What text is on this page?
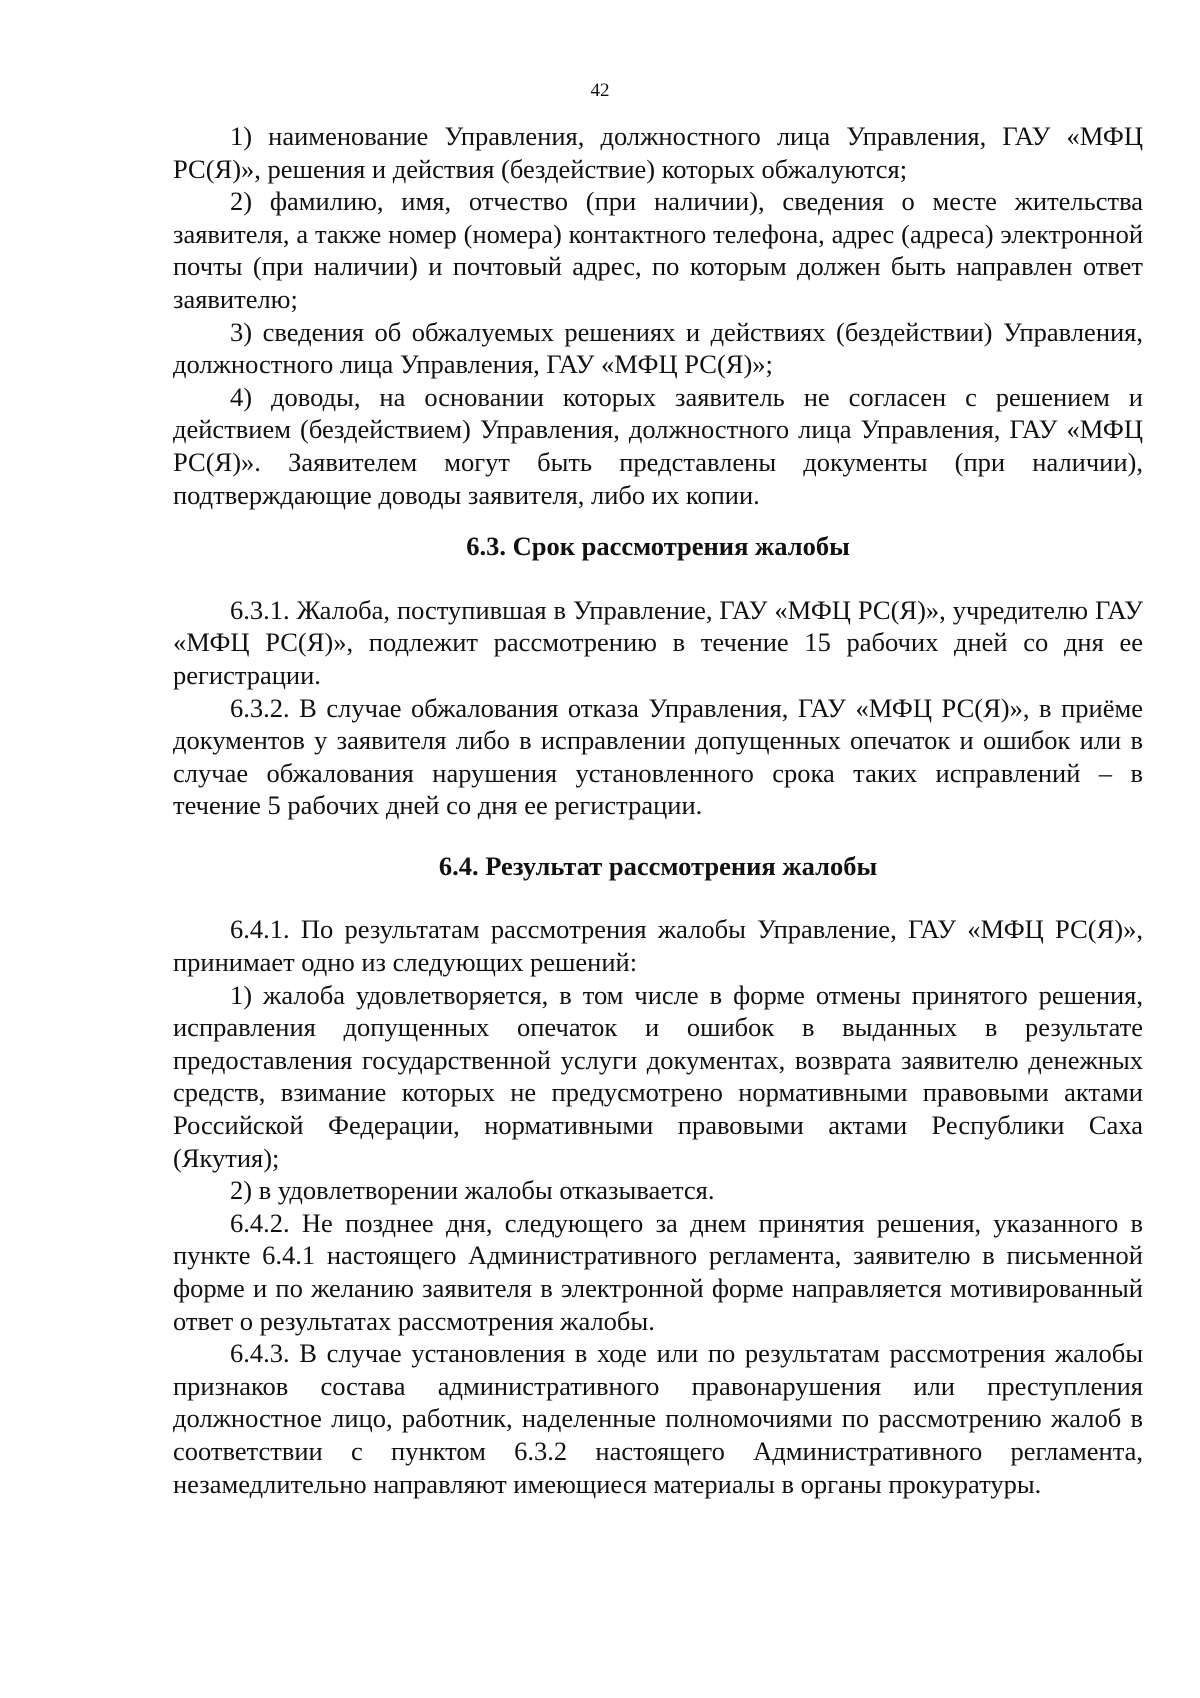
42

1) наименование Управления, должностного лица Управления, ГАУ «МФЦ РС(Я)», решения и действия (бездействие) которых обжалуются;

2) фамилию, имя, отчество (при наличии), сведения о месте жительства заявителя, а также номер (номера) контактного телефона, адрес (адреса) электронной почты (при наличии) и почтовый адрес, по которым должен быть направлен ответ заявителю;

3) сведения об обжалуемых решениях и действиях (бездействии) Управления, должностного лица Управления, ГАУ «МФЦ РС(Я)»;

4) доводы, на основании которых заявитель не согласен с решением и действием (бездействием) Управления, должностного лица Управления, ГАУ «МФЦ РС(Я)». Заявителем могут быть представлены документы (при наличии), подтверждающие доводы заявителя, либо их копии.

6.3. Срок рассмотрения жалобы

6.3.1. Жалоба, поступившая в Управление, ГАУ «МФЦ РС(Я)», учредителю ГАУ «МФЦ РС(Я)», подлежит рассмотрению в течение 15 рабочих дней со дня ее регистрации.

6.3.2. В случае обжалования отказа Управления, ГАУ «МФЦ РС(Я)», в приёме документов у заявителя либо в исправлении допущенных опечаток и ошибок или в случае обжалования нарушения установленного срока таких исправлений – в течение 5 рабочих дней со дня ее регистрации.

6.4. Результат рассмотрения жалобы

6.4.1. По результатам рассмотрения жалобы Управление, ГАУ «МФЦ РС(Я)», принимает одно из следующих решений:

1) жалоба удовлетворяется, в том числе в форме отмены принятого решения, исправления допущенных опечаток и ошибок в выданных в результате предоставления государственной услуги документах, возврата заявителю денежных средств, взимание которых не предусмотрено нормативными правовыми актами Российской Федерации, нормативными правовыми актами Республики Саха (Якутия);

2) в удовлетворении жалобы отказывается.

6.4.2. Не позднее дня, следующего за днем принятия решения, указанного в пункте 6.4.1 настоящего Административного регламента, заявителю в письменной форме и по желанию заявителя в электронной форме направляется мотивированный ответ о результатах рассмотрения жалобы.

6.4.3. В случае установления в ходе или по результатам рассмотрения жалобы признаков состава административного правонарушения или преступления должностное лицо, работник, наделенные полномочиями по рассмотрению жалоб в соответствии с пунктом 6.3.2 настоящего Административного регламента, незамедлительно направляют имеющиеся материалы в органы прокуратуры.
